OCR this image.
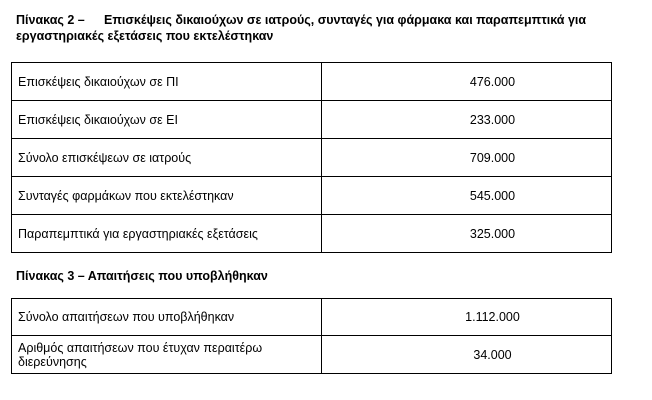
Πίνακας 2 – Επισκέψεις δικαιούχων σε ιατρούς, συνταγές για φάρμακα και παραπεμπτικά για
εργαστηριακές εξετάσεις που εκτελέστηκαν
Επισκέψεις δικαιούχων σε ΠΙ	476.000
Επισκέψεις δικαιούχων σε ΕΙ	233.000
Σύνολο επισκέψεων σε ιατρούς	709.000
Συνταγές φαρμάκων που εκτελέστηκαν	545.000
Παραπεμπτικά για εργαστηριακές εξετάσεις	325.000
Πίνακας 3 – Απαιτήσεις που υποβλήθηκαν
Σύνολο απαιτήσεων που υποβλήθηκαν	1.112.000
Αριθμός απαιτήσεων που έτυχαν περαιτέρω
διερεύνησης	34.000
